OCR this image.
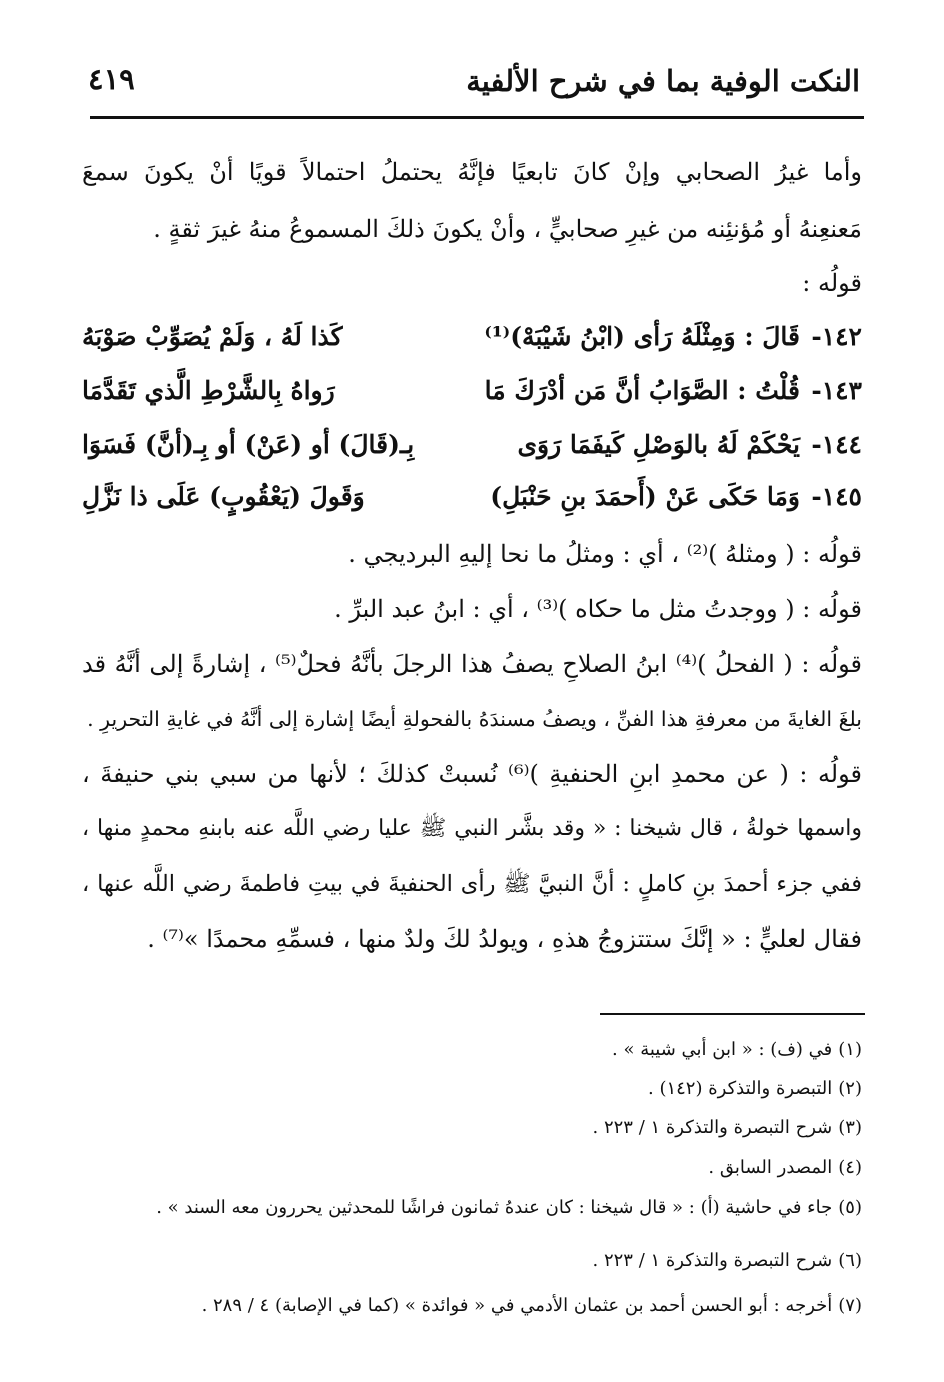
النكت الوفية بما في شرح الألفية
٤١٩
وأما غيرُ الصحابي وإنْ كانَ تابعيًا فإنَّهُ يحتملُ احتمالاً قويًا أنْ يكونَ سمعَ
مَعنعِنهُ أو مُؤنئِنه من غيرِ صحابيٍّ ، وأنْ يكونَ ذلكَ المسموعُ منهُ غيرَ ثقةٍ .
قولُه :
١٤٢-
قَالَ : وَمِثْلَهُ رَأى (ابْنُ شَيْبَهْ)⁽¹⁾
كَذا لَهُ ، وَلَمْ يُصَوِّبْ صَوْبَهُ
١٤٣-
قُلْتُ : الصَّوَابُ أنَّ مَن أدْرَكَ مَا
رَواهُ بِالشَّرْطِ الَّذي تَقَدَّمَا
١٤٤-
يَحْكَمْ لَهُ بالوَصْلِ كَيفَمَا رَوَى
بِـ(قَالَ) أو (عَنْ) أو بِـ(أنَّ) فَسَوَا
١٤٥-
وَمَا حَكَى عَنْ (أَحمَدَ بنِ حَنْبَلِ)
وَقَولَ (يَعْقُوبٍ) عَلَى ذا نَزَّلِ
قولُه : ( ومثلهُ )⁽²⁾ ، أي : ومثلُ ما نحا إليهِ البرديجي .
قولُه : ( ووجدتُ مثل ما حكاه )⁽³⁾ ، أي : ابنُ عبد البرِّ .
قولُه : ( الفحلُ )⁽⁴⁾ ابنُ الصلاحِ يصفُ هذا الرجلَ بأنَّهُ فحلٌ⁽⁵⁾ ، إشارةً إلى أنَّهُ قد
بلغَ الغايةَ من معرفةِ هذا الفنِّ ، ويصفُ مسندَهُ بالفحولةِ أيضًا إشارة إلى أنَّهُ في غايةِ التحريرِ .
قولُه : ( عن محمدِ ابنِ الحنفيةِ )⁽⁶⁾ نُسبتْ كذلكَ ؛ لأنها من سبي بني حنيفةَ ،
واسمها خولةُ ، قال شيخنا : « وقد بشَّر النبي ﷺ عليا رضي اللَّه عنه بابنهِ محمدٍ منها ،
ففي جزء أحمدَ بنِ كاملٍ : أنَّ النبيَّ ﷺ رأى الحنفيةَ في بيتِ فاطمةَ رضي اللَّه عنها ،
فقال لعليٍّ : « إنَّكَ ستتزوجُ هذهِ ، ويولدُ لكَ ولدٌ منها ، فسمِّهِ محمدًا »⁽⁷⁾ .
(١)في (ف) : « ابن أبي شيبة » .
(٢)التبصرة والتذكرة (١٤٢) .
(٣)شرح التبصرة والتذكرة ١ / ٢٢٣ .
(٤)المصدر السابق .
(٥)جاء في حاشية (أ) : « قال شيخنا : كان عندهُ ثمانون فراشًا للمحدثين يحررون معه السند » .
(٦)شرح التبصرة والتذكرة ١ / ٢٢٣ .
(٧)أخرجه : أبو الحسن أحمد بن عثمان الأدمي في « فوائدة » (كما في الإصابة) ٤ / ٢٨٩ .
